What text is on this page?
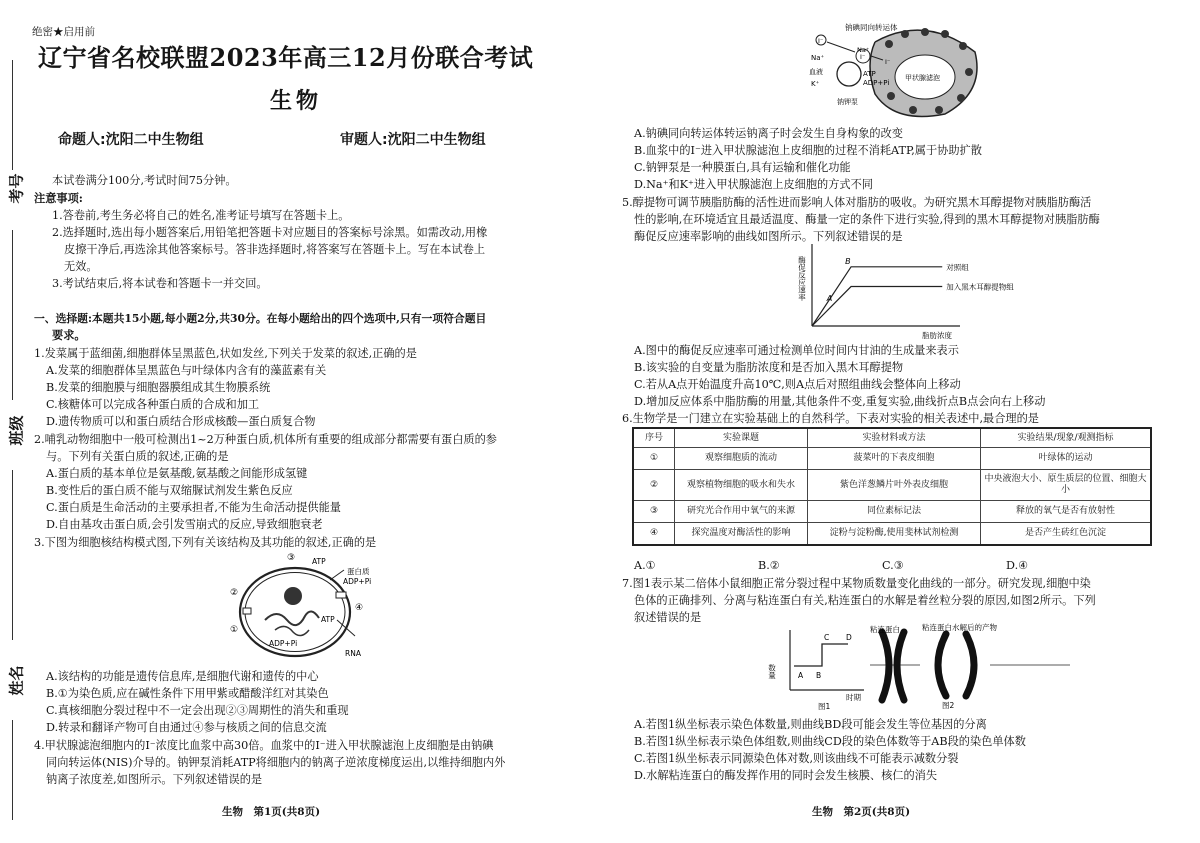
考号
班级
姓名
绝密★启用前
辽宁省名校联盟2023年高三12月份联合考试
生物
命题人:沈阳二中生物组	审题人:沈阳二中生物组
本试卷满分100分,考试时间75分钟。
注意事项:
1.答卷前,考生务必将自己的姓名,准考证号填写在答题卡上。
2.选择题时,选出每小题答案后,用铅笔把答题卡对应题目的答案标号涂黑。如需改动,用橡
皮擦干净后,再选涂其他答案标号。答非选择题时,将答案写在答题卡上。写在本试卷上
无效。
3.考试结束后,将本试卷和答题卡一并交回。
一、选择题:本题共15小题,每小题2分,共30分。在每小题给出的四个选项中,只有一项符合题目
要求。
1.发菜属于蓝细菌,细胞群体呈黑蓝色,状如发丝,下列关于发菜的叙述,正确的是
A.发菜的细胞群体呈黑蓝色与叶绿体内含有的藻蓝素有关
B.发菜的细胞膜与细胞器膜组成其生物膜系统
C.核糖体可以完成各种蛋白质的合成和加工
D.遗传物质可以和蛋白质结合形成核酸—蛋白质复合物
2.哺乳动物细胞中一般可检测出1~2万种蛋白质,机体所有重要的组成部分都需要有蛋白质的参
与。下列有关蛋白质的叙述,正确的是
A.蛋白质的基本单位是氨基酸,氨基酸之间能形成氢键
B.变性后的蛋白质不能与双缩脲试剂发生紫色反应
C.蛋白质是生命活动的主要承担者,不能为生命活动提供能量
D.自由基攻击蛋白质,会引发雪崩式的反应,导致细胞衰老
3.下图为细胞核结构模式图,下列有关该结构及其功能的叙述,正确的是
③
②
①
④
ATP
蛋白质
ADP+Pi
ATP
ADP+Pi
RNA
A.该结构的功能是遗传信息库,是细胞代谢和遗传的中心
B.①为染色质,应在碱性条件下用甲紫或醋酸洋红对其染色
C.真核细胞分裂过程中不一定会出现②③周期性的消失和重现
D.转录和翻译产物可自由通过④参与核质之间的信息交流
4.甲状腺滤泡细胞内的I⁻浓度比血浆中高30倍。血浆中的I⁻进入甲状腺滤泡上皮细胞是由钠碘
同向转运体(NIS)介导的。钠钾泵消耗ATP将细胞内的钠离子逆浓度梯度运出,以维持细胞内外
钠离子浓度差,如图所示。下列叙述错误的是
生物　第1页(共8页)
钠碘同向转运体
I⁻
Na⁺
Na⁺
I⁻
I⁻
ATP
ADP+Pi
K⁺
血液
钠钾泵
甲状腺滤泡
A.钠碘同向转运体转运钠离子时会发生自身构象的改变
B.血浆中的I⁻进入甲状腺滤泡上皮细胞的过程不消耗ATP,属于协助扩散
C.钠钾泵是一种膜蛋白,具有运输和催化功能
D.Na⁺和K⁺进入甲状腺滤泡上皮细胞的方式不同
5.醇提物可调节胰脂肪酶的活性进而影响人体对脂肪的吸收。为研究黑木耳醇提物对胰脂肪酶活
性的影响,在环境适宜且最适温度、酶量一定的条件下进行实验,得到的黑木耳醇提物对胰脂肪酶
酶促反应速率影响的曲线如图所示。下列叙述错误的是
对照组
加入黑木耳醇提物组
A
B
脂肪浓度
酶促反应速率
A.图中的酶促反应速率可通过检测单位时间内甘油的生成量来表示
B.该实验的自变量为脂肪浓度和是否加入黑木耳醇提物
C.若从A点开始温度升高10℃,则A点后对照组曲线会整体向上移动
D.增加反应体系中脂肪酶的用量,其他条件不变,重复实验,曲线折点B点会向右上移动
6.生物学是一门建立在实验基础上的自然科学。下表对实验的相关表述中,最合理的是
序号	实验课题	实验材料或方法	实验结果/现象/观测指标
①	观察细胞质的流动	菠菜叶的下表皮细胞	叶绿体的运动
②	观察植物细胞的吸水和失水	紫色洋葱鳞片叶外表皮细胞	中央液泡大小、原生质层的位置、细胞大小
③	研究光合作用中氧气的来源	同位素标记法	释放的氧气是否有放射性
④	探究温度对酶活性的影响	淀粉与淀粉酶,使用斐林试剂检测	是否产生砖红色沉淀
A.①	B.②	C.③	D.④
7.图1表示某二倍体小鼠细胞正常分裂过程中某物质数量变化曲线的一部分。研究发现,细胞中染
色体的正确排列、分离与粘连蛋白有关,粘连蛋白的水解是着丝粒分裂的原因,如图2所示。下列
叙述错误的是
数量
时期
A B
C D
图1
粘连蛋白	粘连蛋白水解后的产物
图2
A.若图1纵坐标表示染色体数量,则曲线BD段可能会发生等位基因的分离
B.若图1纵坐标表示染色体组数,则曲线CD段的染色体数等于AB段的染色单体数
C.若图1纵坐标表示同源染色体对数,则该曲线不可能表示减数分裂
D.水解粘连蛋白的酶发挥作用的同时会发生核膜、核仁的消失
生物　第2页(共8页)
